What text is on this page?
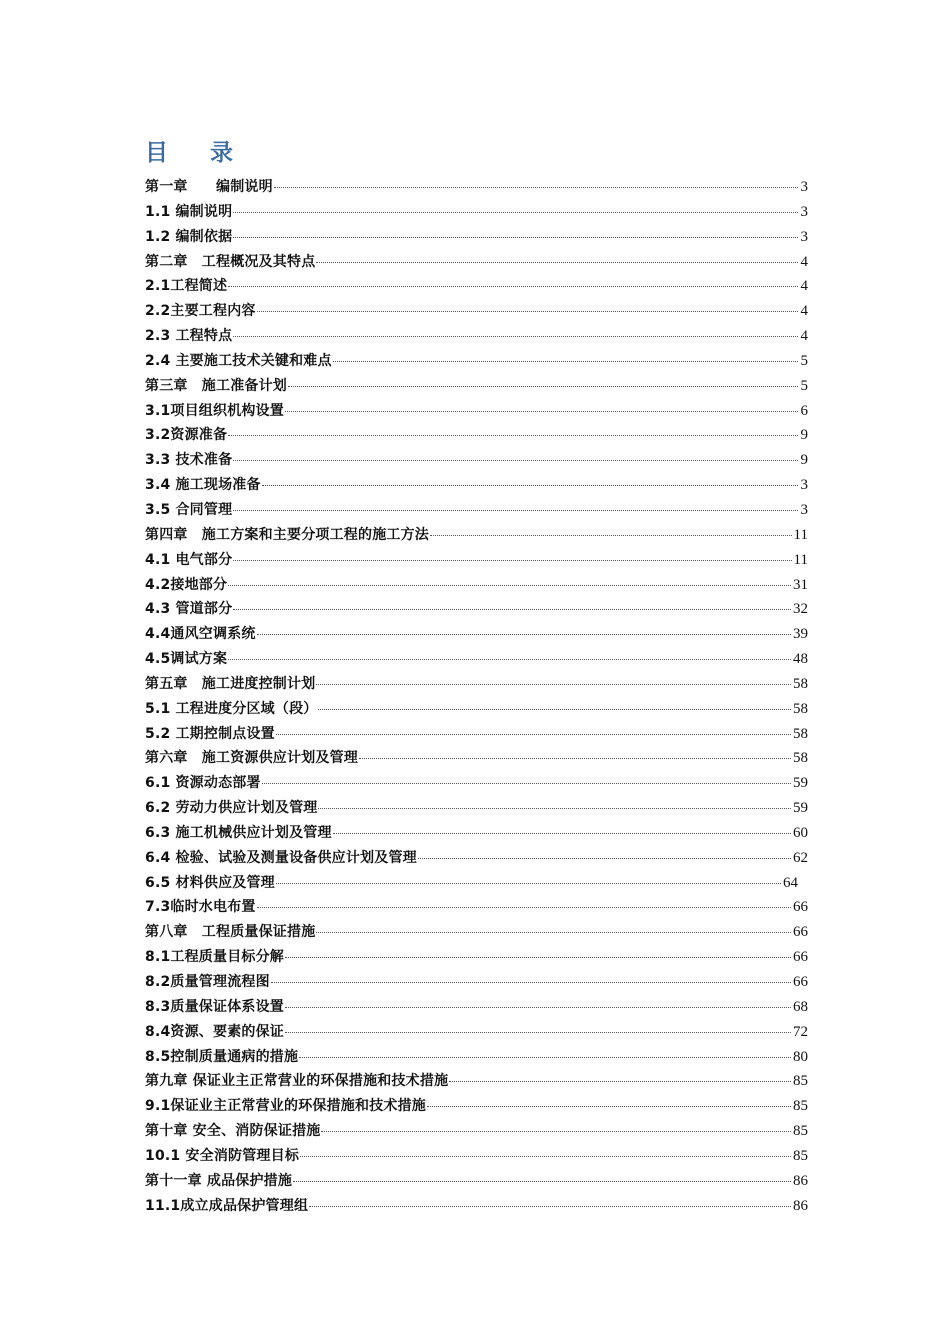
目 录
第一章　　编制说明	3
1.1 编制说明	3
1.2 编制依据	3
第二章　工程概况及其特点	4
2.1工程简述	4
2.2主要工程内容	4
2.3 工程特点	4
2.4 主要施工技术关键和难点	5
第三章　施工准备计划	5
3.1项目组织机构设置	6
3.2资源准备	9
3.3 技术准备	9
3.4 施工现场准备	3
3.5 合同管理	3
第四章　施工方案和主要分项工程的施工方法	11
4.1 电气部分	11
4.2接地部分	31
4.3 管道部分	32
4.4通风空调系统	39
4.5调试方案	48
第五章　施工进度控制计划	58
5.1 工程进度分区域（段）	58
5.2 工期控制点设置	58
第六章　施工资源供应计划及管理	58
6.1 资源动态部署	59
6.2 劳动力供应计划及管理	59
6.3 施工机械供应计划及管理	60
6.4 检验、试验及测量设备供应计划及管理	62
6.5 材料供应及管理	64
7.3临时水电布置	66
第八章　工程质量保证措施	66
8.1工程质量目标分解	66
8.2质量管理流程图	66
8.3质量保证体系设置	68
8.4资源、要素的保证	72
8.5控制质量通病的措施	80
第九章 保证业主正常营业的环保措施和技术措施	85
9.1保证业主正常营业的环保措施和技术措施	85
第十章 安全、消防保证措施	85
10.1 安全消防管理目标	85
第十一章 成品保护措施	86
11.1成立成品保护管理组	86
